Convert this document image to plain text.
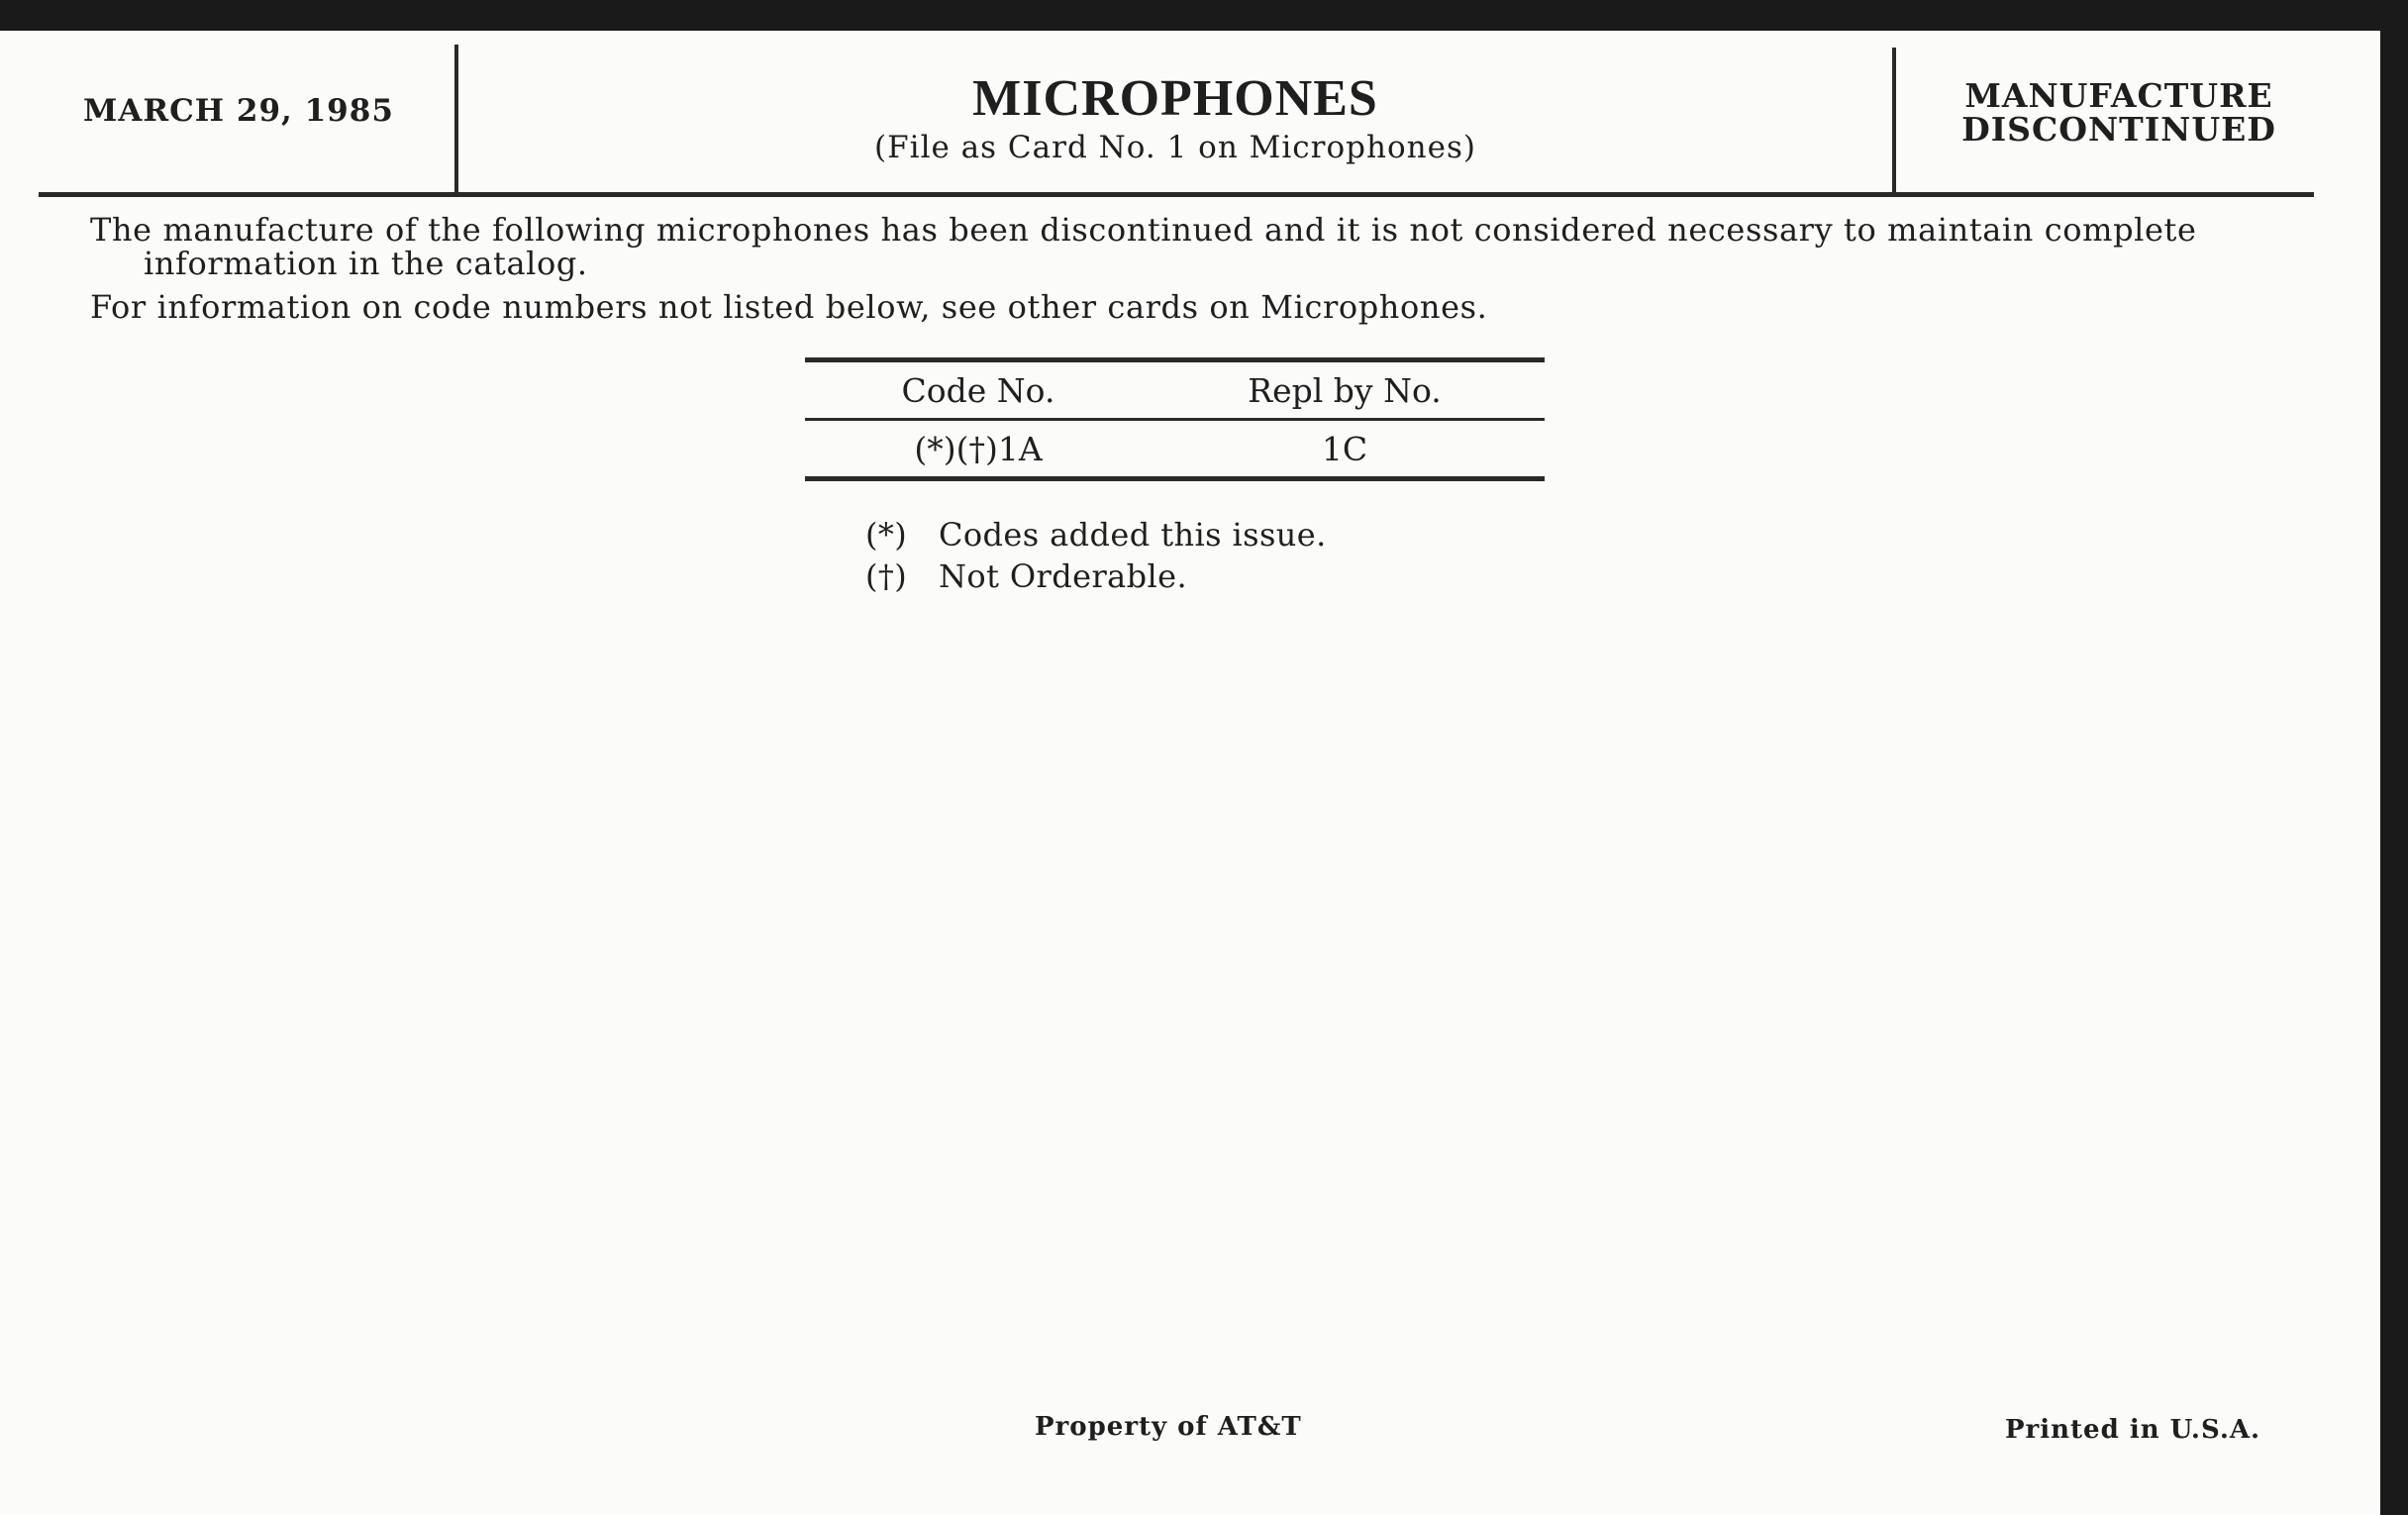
MARCH 29, 1985	MICROPHONES
(File as Card No. 1 on Microphones)
MANUFACTURE
DISCONTINUED
The manufacture of the following microphones has been discontinued and it is not considered necessary to maintain complete
information in the catalog.
For information on code numbers not listed below, see other cards on Microphones.
Code No.	Repl by No.
(*)(†)1A	1C
(*) Codes added this issue.
(†) Not Orderable.
Property of AT&T	Printed in U.S.A.
